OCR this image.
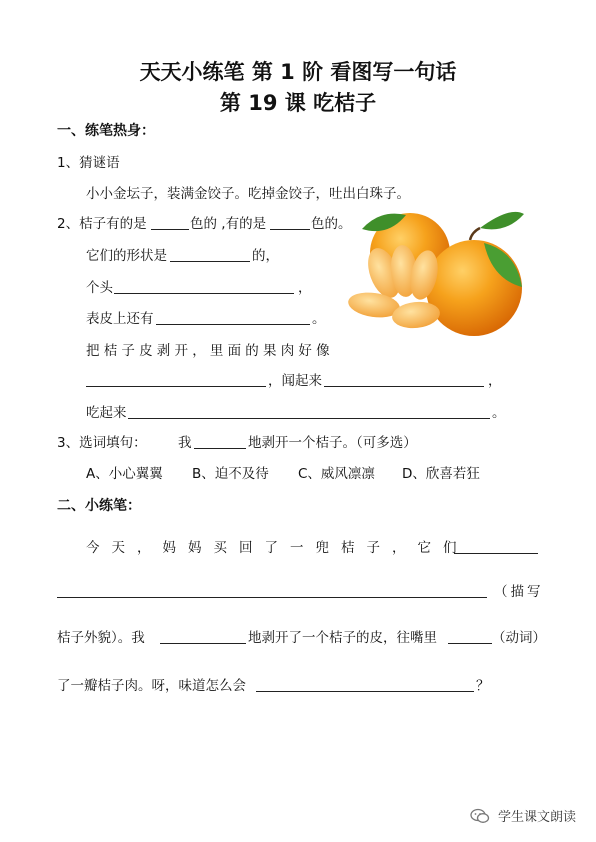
天天小练笔 第 1 阶 看图写一句话
第 19 课 吃桔子
一、练笔热身：
1、猜谜语
小小金坛子，装满金饺子。吃掉金饺子，吐出白珠子。
2、桔子有的是	色的 ,有的是	色的。
它们的形状是	的，
个头	，
表皮上还有	。
把桔子皮剥开，里面的果肉好像
，闻起来	，
吃起来	。
3、选词填句： 我	地剥开一个桔子。（可多选）
A、小心翼翼 B、迫不及待 C、威风凛凛 D、欣喜若狂
二、小练笔：
今天，妈妈买回了一兜桔子，它们
（描写
桔子外貌）。我	地剥开了一个桔子的皮，往嘴里	（动词）
了一瓣桔子肉。呀，味道怎么会	？
学生课文朗读
